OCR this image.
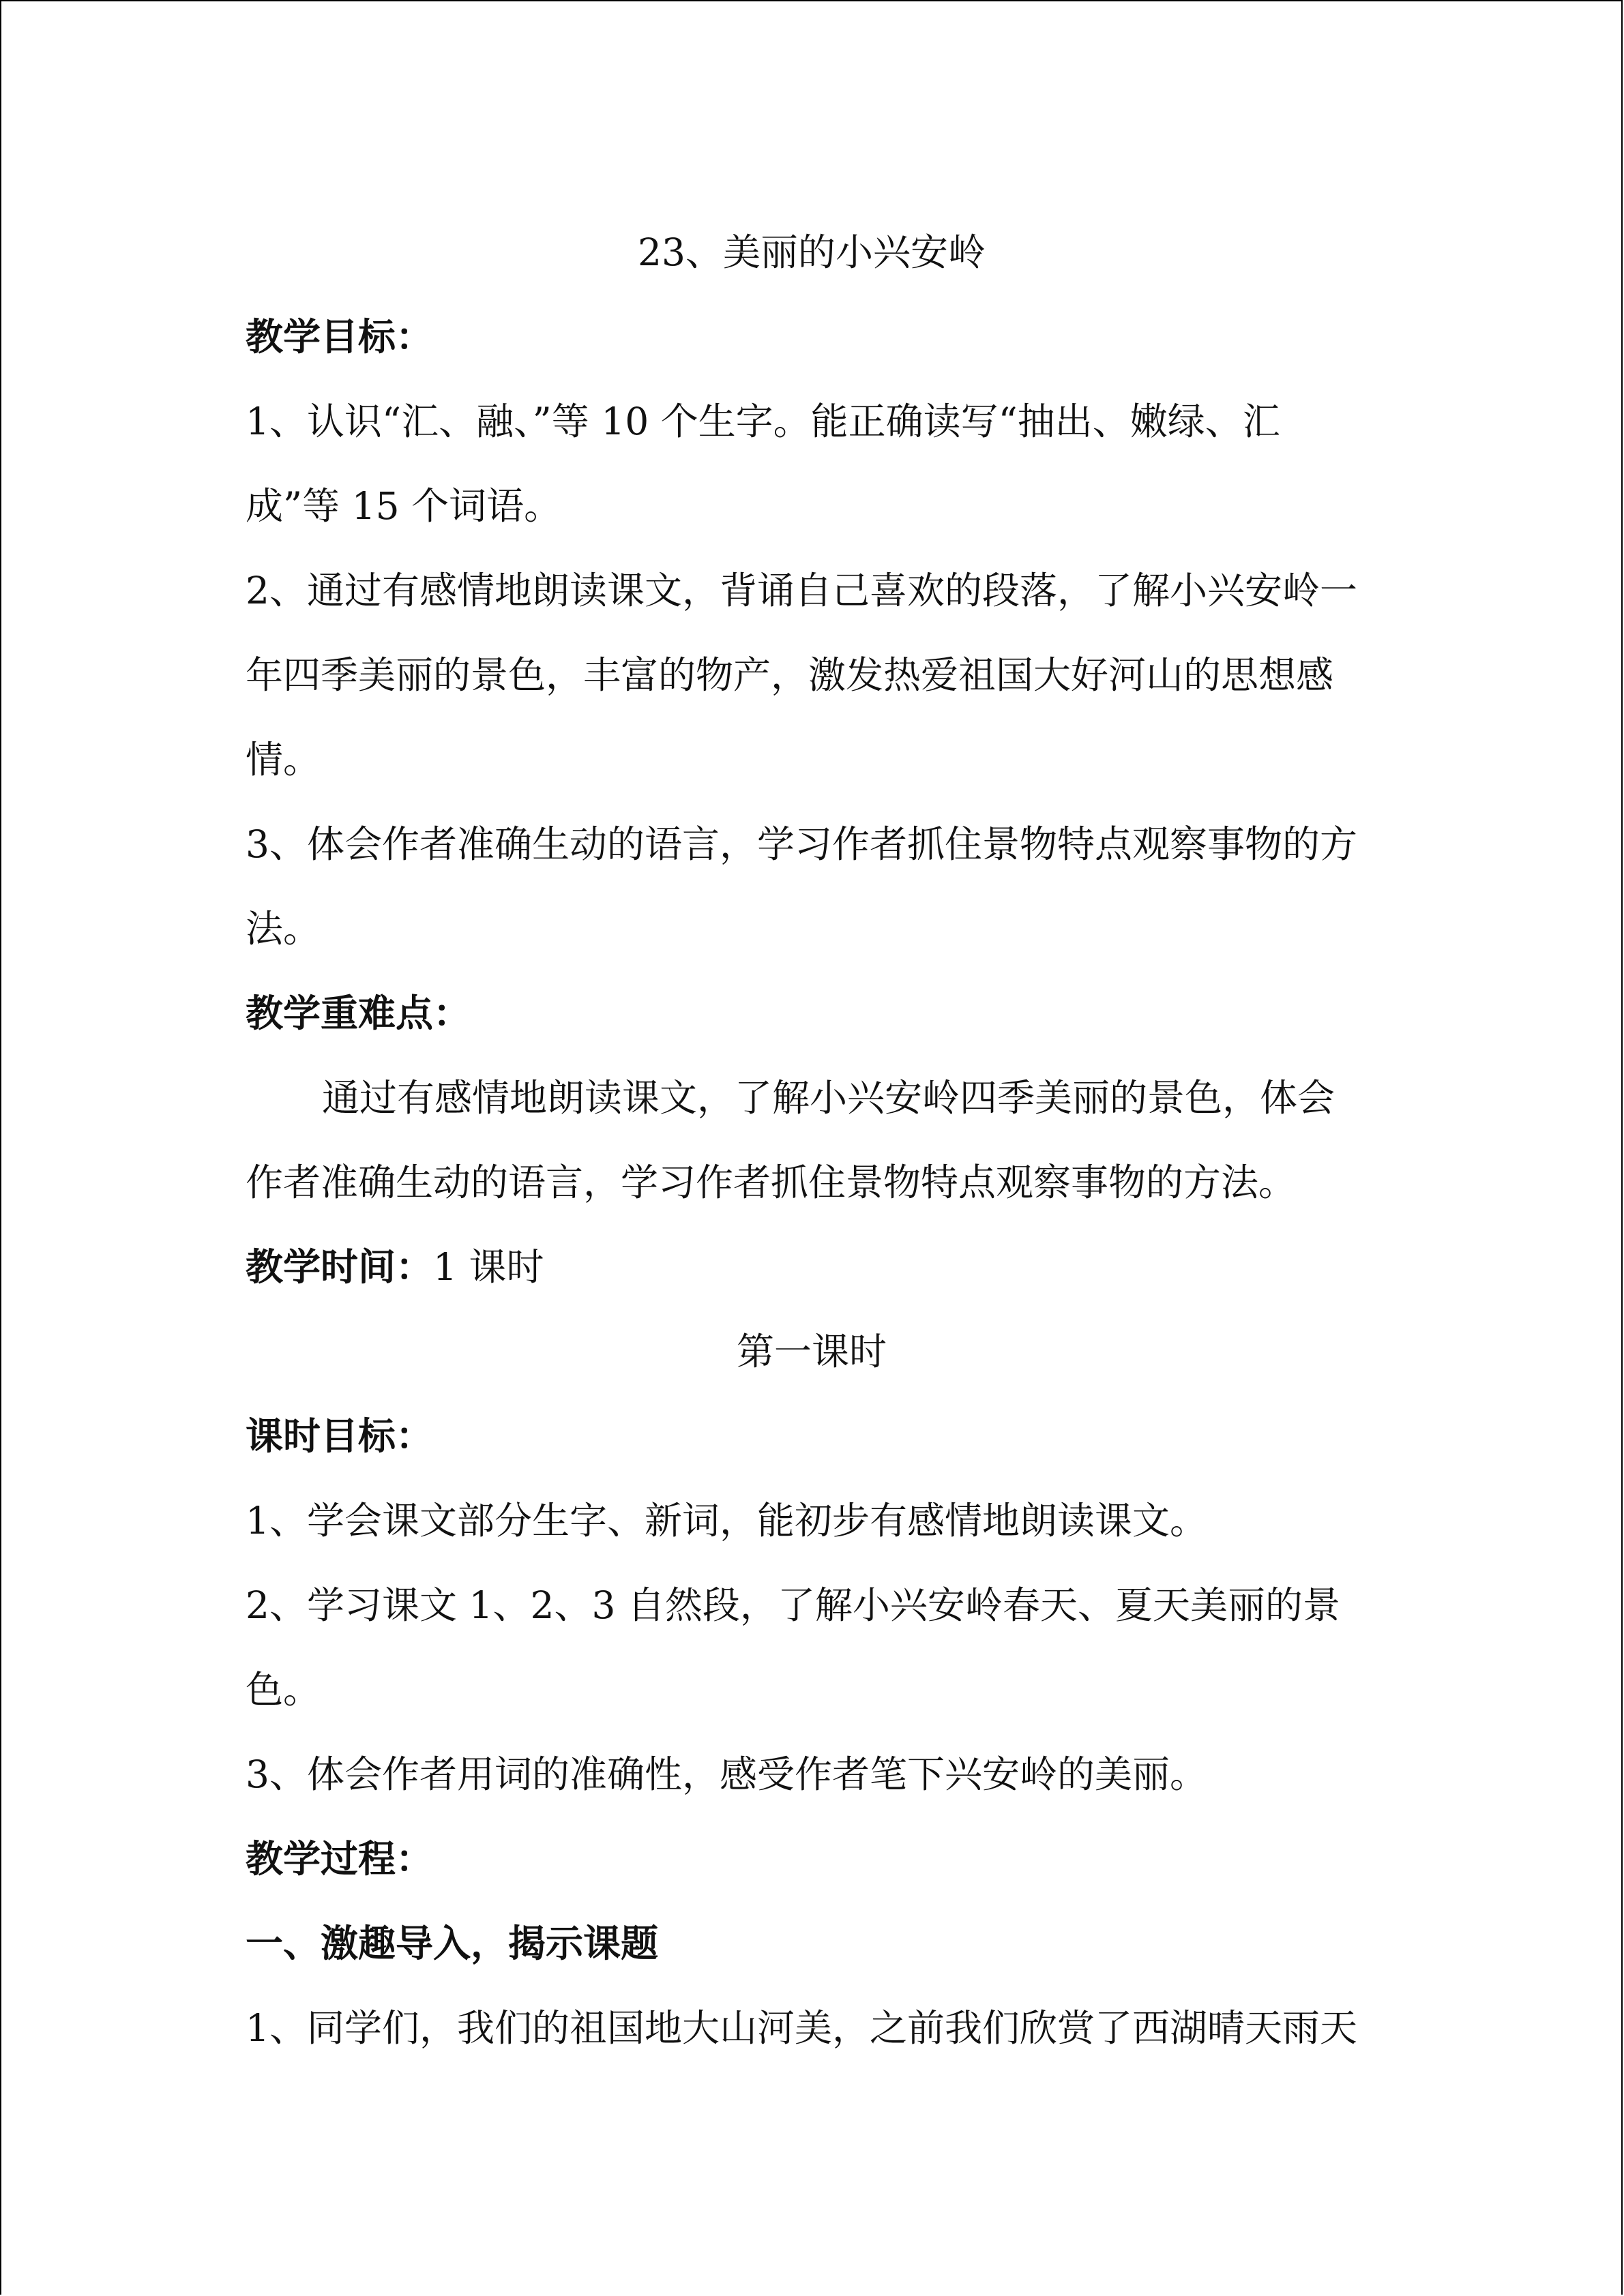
23、美丽的小兴安岭
教学目标：
1、认识“汇、融、”等 10 个生字。能正确读写“抽出、嫩绿、汇
成”等 15 个词语。
2、通过有感情地朗读课文，背诵自己喜欢的段落，了解小兴安岭一
年四季美丽的景色，丰富的物产，激发热爱祖国大好河山的思想感
情。
3、体会作者准确生动的语言，学习作者抓住景物特点观察事物的方
法。
教学重难点：
通过有感情地朗读课文，了解小兴安岭四季美丽的景色，体会
作者准确生动的语言，学习作者抓住景物特点观察事物的方法。
教学时间：1 课时
第一课时
课时目标：
1、学会课文部分生字、新词，能初步有感情地朗读课文。
2、学习课文 1、2、3 自然段，了解小兴安岭春天、夏天美丽的景
色。
3、体会作者用词的准确性，感受作者笔下兴安岭的美丽。
教学过程：
一、激趣导入，揭示课题
1、同学们，我们的祖国地大山河美，之前我们欣赏了西湖晴天雨天
